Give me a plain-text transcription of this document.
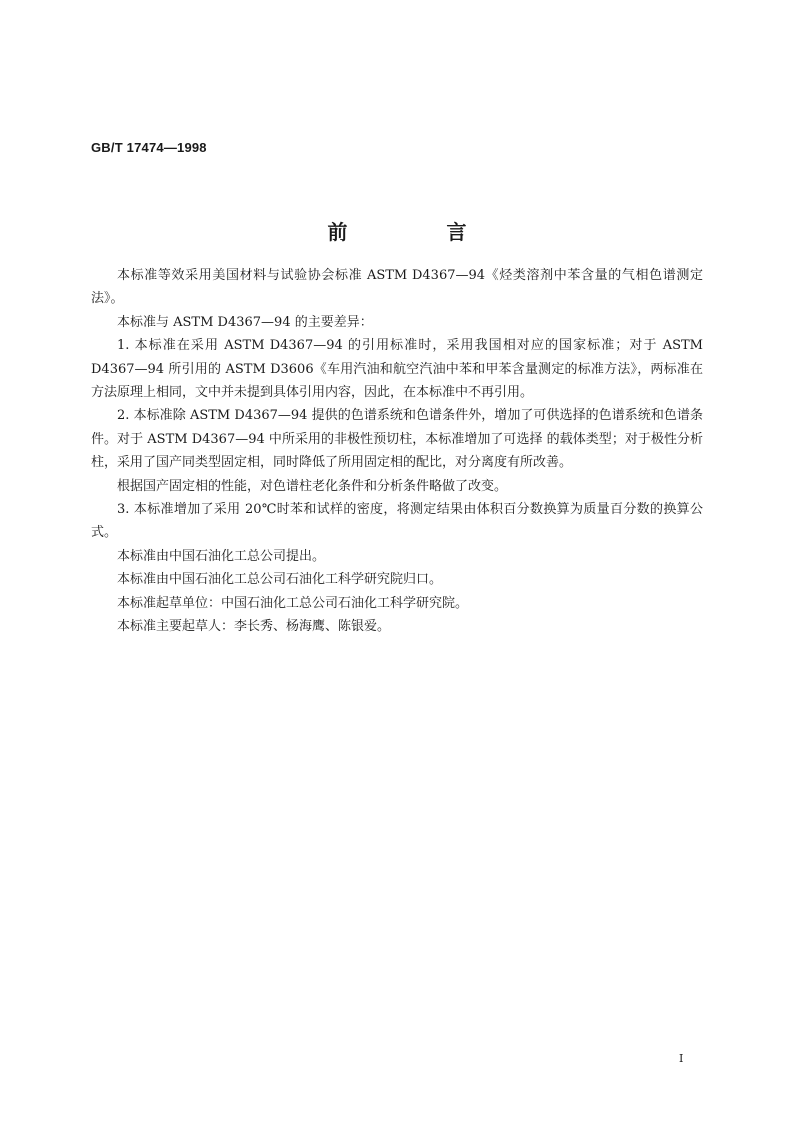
GB/T 17474—1998
前 言

本标准等效采用美国材料与试验协会标准 ASTM D4367—94《烃类溶剂中苯含量的气相色谱测定法》。

本标准与 ASTM D4367—94 的主要差异：

1. 本标准在采用 ASTM D4367—94 的引用标准时，采用我国相对应的国家标准；对于 ASTM D4367—94 所引用的 ASTM D3606《车用汽油和航空汽油中苯和甲苯含量测定的标准方法》，两标准在方法原理上相同，文中并未提到具体引用内容，因此，在本标准中不再引用。

2. 本标准除 ASTM D4367—94 提供的色谱系统和色谱条件外，增加了可供选择的色谱系统和色谱条件。对于 ASTM D4367—94 中所采用的非极性预切柱，本标准增加了可选择 的载体类型；对于极性分析柱，采用了国产同类型固定相，同时降低了所用固定相的配比，对分离度有所改善。

根据国产固定相的性能，对色谱柱老化条件和分析条件略做了改变。

3. 本标准增加了采用 20℃时苯和试样的密度，将测定结果由体积百分数换算为质量百分数的换算公式。

本标准由中国石油化工总公司提出。

本标准由中国石油化工总公司石油化工科学研究院归口。

本标准起草单位：中国石油化工总公司石油化工科学研究院。

本标准主要起草人：李长秀、杨海鹰、陈银爱。

I
